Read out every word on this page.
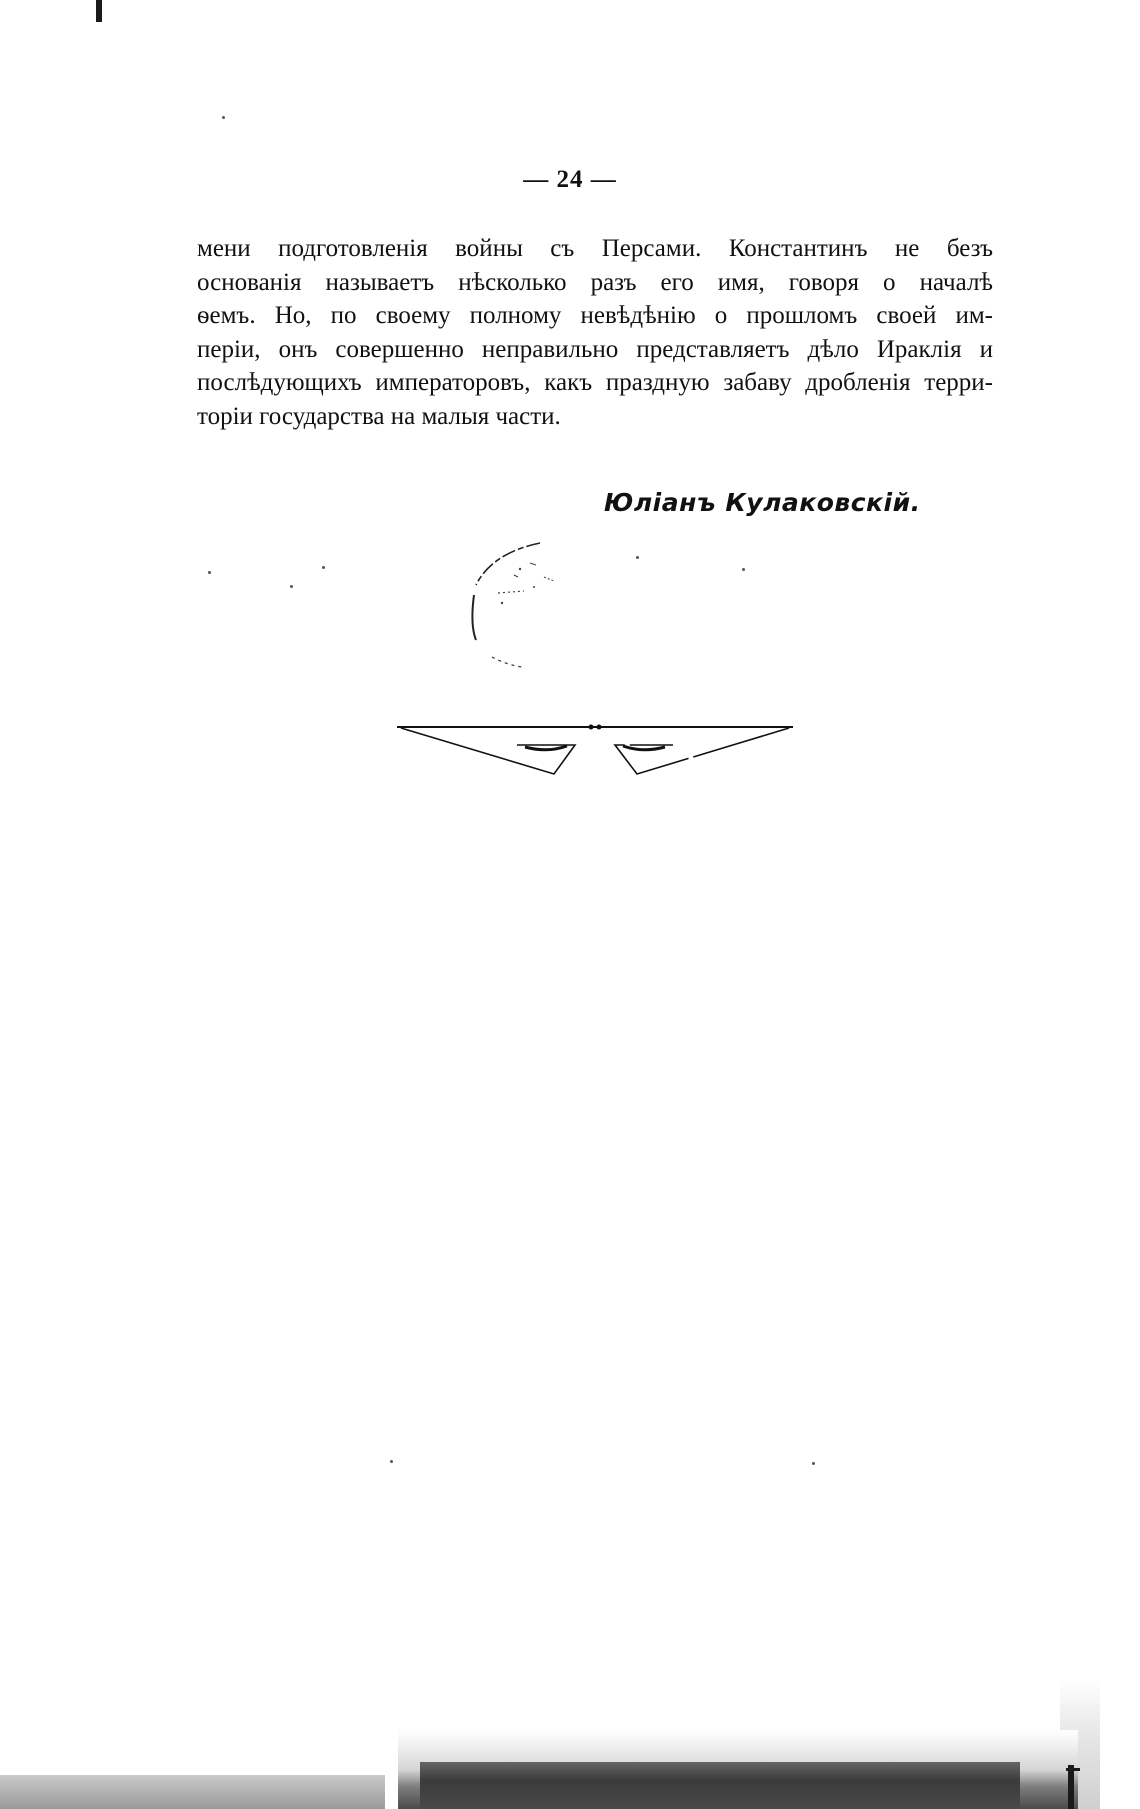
— 24 —
мени подготовленія войны съ Персами. Константинъ не безъ
основанія называетъ нѣсколько разъ его имя, говоря о началѣ
ѳемъ. Но, по своему полному невѣдѣнію о прошломъ своей им-
періи, онъ совершенно неправильно представляетъ дѣло Ираклія и
послѣдующихъ императоровъ, какъ праздную забаву дробленія терри-
торіи государства на малыя части.
Юліанъ Кулаковскій.
